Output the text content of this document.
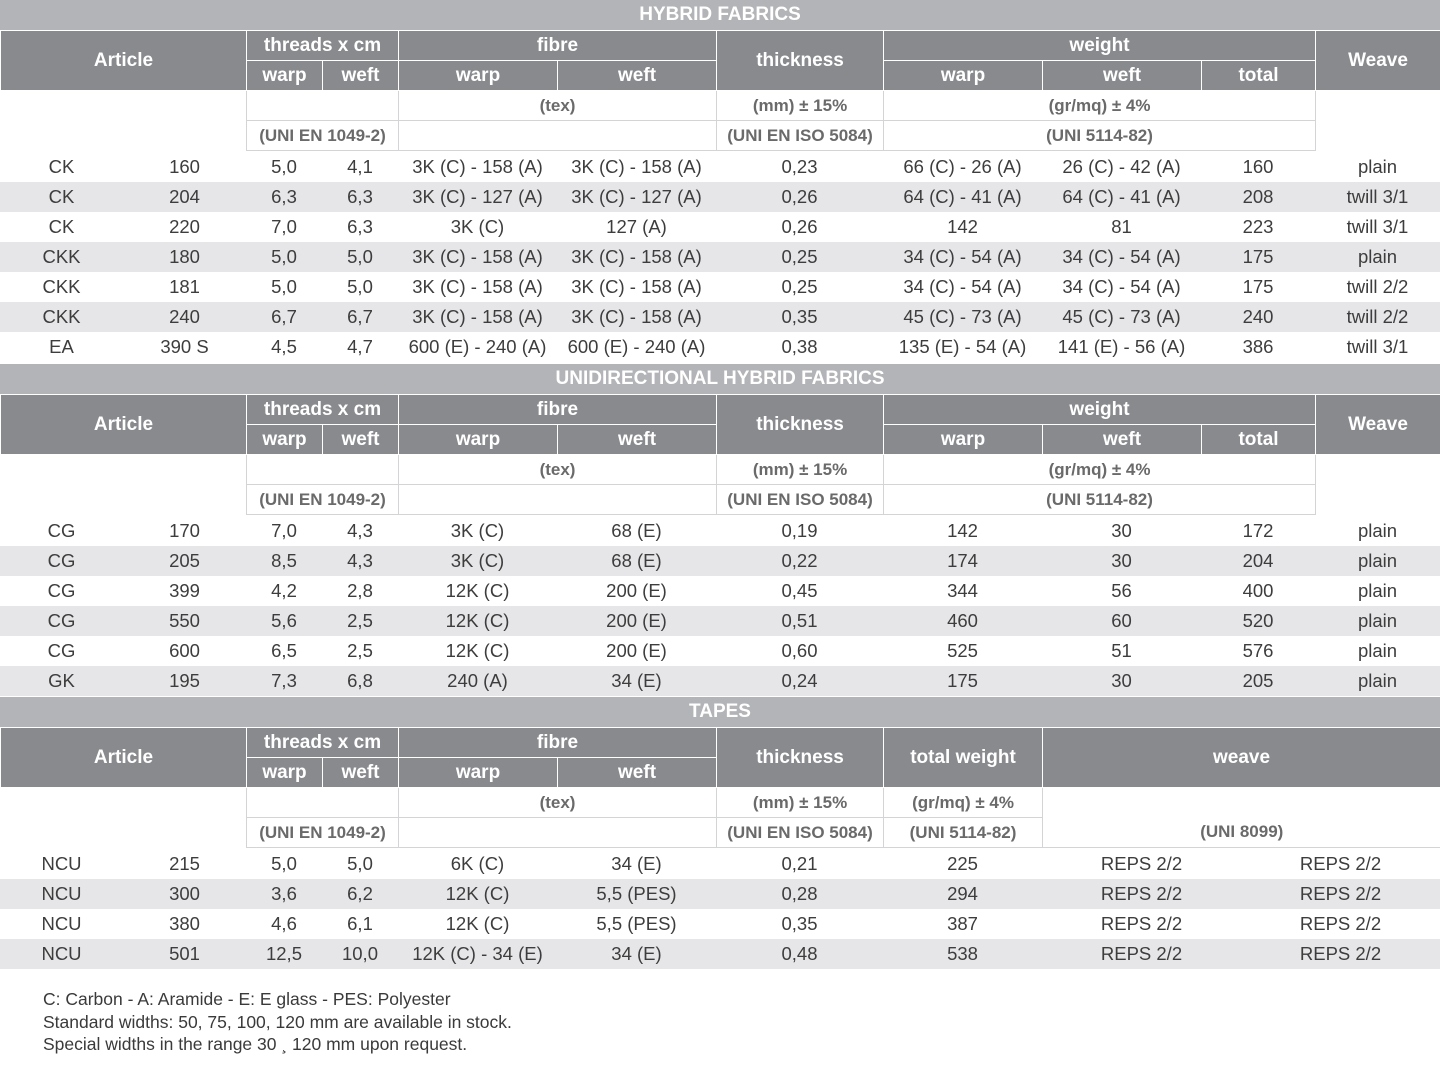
HYBRID FABRICS
Article	threads x cm		fibre		thickness	weight			Weave
	warp	weft	warp	weft		warp	weft	total	
			(tex)		(mm) ± 15%	(gr/mq) ± 4%			
	(UNI EN 1049-2)				(UNI EN ISO 5084)	(UNI 5114-82)			
CK	160	5,0	4,1	3K (C) - 158 (A)	3K (C) - 158 (A)	0,23	66 (C) - 26 (A)	26 (C) - 42 (A)	160	plain
CK	204	6,3	6,3	3K (C) - 127 (A)	3K (C) - 127 (A)	0,26	64 (C) - 41 (A)	64 (C) - 41 (A)	208	twill 3/1
CK	220	7,0	6,3	3K (C)	127 (A)	0,26	142	81	223	twill 3/1
CKK	180	5,0	5,0	3K (C) - 158 (A)	3K (C) - 158 (A)	0,25	34 (C) - 54 (A)	34 (C) - 54 (A)	175	plain
CKK	181	5,0	5,0	3K (C) - 158 (A)	3K (C) - 158 (A)	0,25	34 (C) - 54 (A)	34 (C) - 54 (A)	175	twill 2/2
CKK	240	6,7	6,7	3K (C) - 158 (A)	3K (C) - 158 (A)	0,35	45 (C) - 73 (A)	45 (C) - 73 (A)	240	twill 2/2
EA	390 S	4,5	4,7	600 (E) - 240 (A)	600 (E) - 240 (A)	0,38	135 (E) - 54 (A)	141 (E) - 56 (A)	386	twill 3/1
UNIDIRECTIONAL HYBRID FABRICS
Article	threads x cm		fibre		thickness	weight			Weave
	warp	weft	warp	weft		warp	weft	total	
			(tex)		(mm) ± 15%	(gr/mq) ± 4%			
	(UNI EN 1049-2)				(UNI EN ISO 5084)	(UNI 5114-82)			
CG	170	7,0	4,3	3K (C)	68 (E)	0,19	142	30	172	plain
CG	205	8,5	4,3	3K (C)	68 (E)	0,22	174	30	204	plain
CG	399	4,2	2,8	12K (C)	200 (E)	0,45	344	56	400	plain
CG	550	5,6	2,5	12K (C)	200 (E)	0,51	460	60	520	plain
CG	600	6,5	2,5	12K (C)	200 (E)	0,60	525	51	576	plain
GK	195	7,3	6,8	240 (A)	34 (E)	0,24	175	30	205	plain
TAPES
Article	threads x cm		fibre		thickness	total weight	weave
	warp	weft	warp	weft			
			(tex)		(mm) ± 15%	(gr/mq) ± 4%	
	(UNI EN 1049-2)				(UNI EN ISO 5084)	(UNI 5114-82)	(UNI 8099)
NCU	215	5,0	5,0	6K (C)	34 (E)	0,21	225	REPS 2/2	REPS 2/2
NCU	300	3,6	6,2	12K (C)	5,5 (PES)	0,28	294	REPS 2/2	REPS 2/2
NCU	380	4,6	6,1	12K (C)	5,5 (PES)	0,35	387	REPS 2/2	REPS 2/2
NCU	501	12,5	10,0	12K (C) - 34 (E)	34 (E)	0,48	538	REPS 2/2	REPS 2/2
C: Carbon - A: Aramide - E: E glass - PES: Polyester
Standard widths: 50, 75, 100, 120 mm are available in stock.
Special widths in the range 30 ¸ 120 mm upon request.
